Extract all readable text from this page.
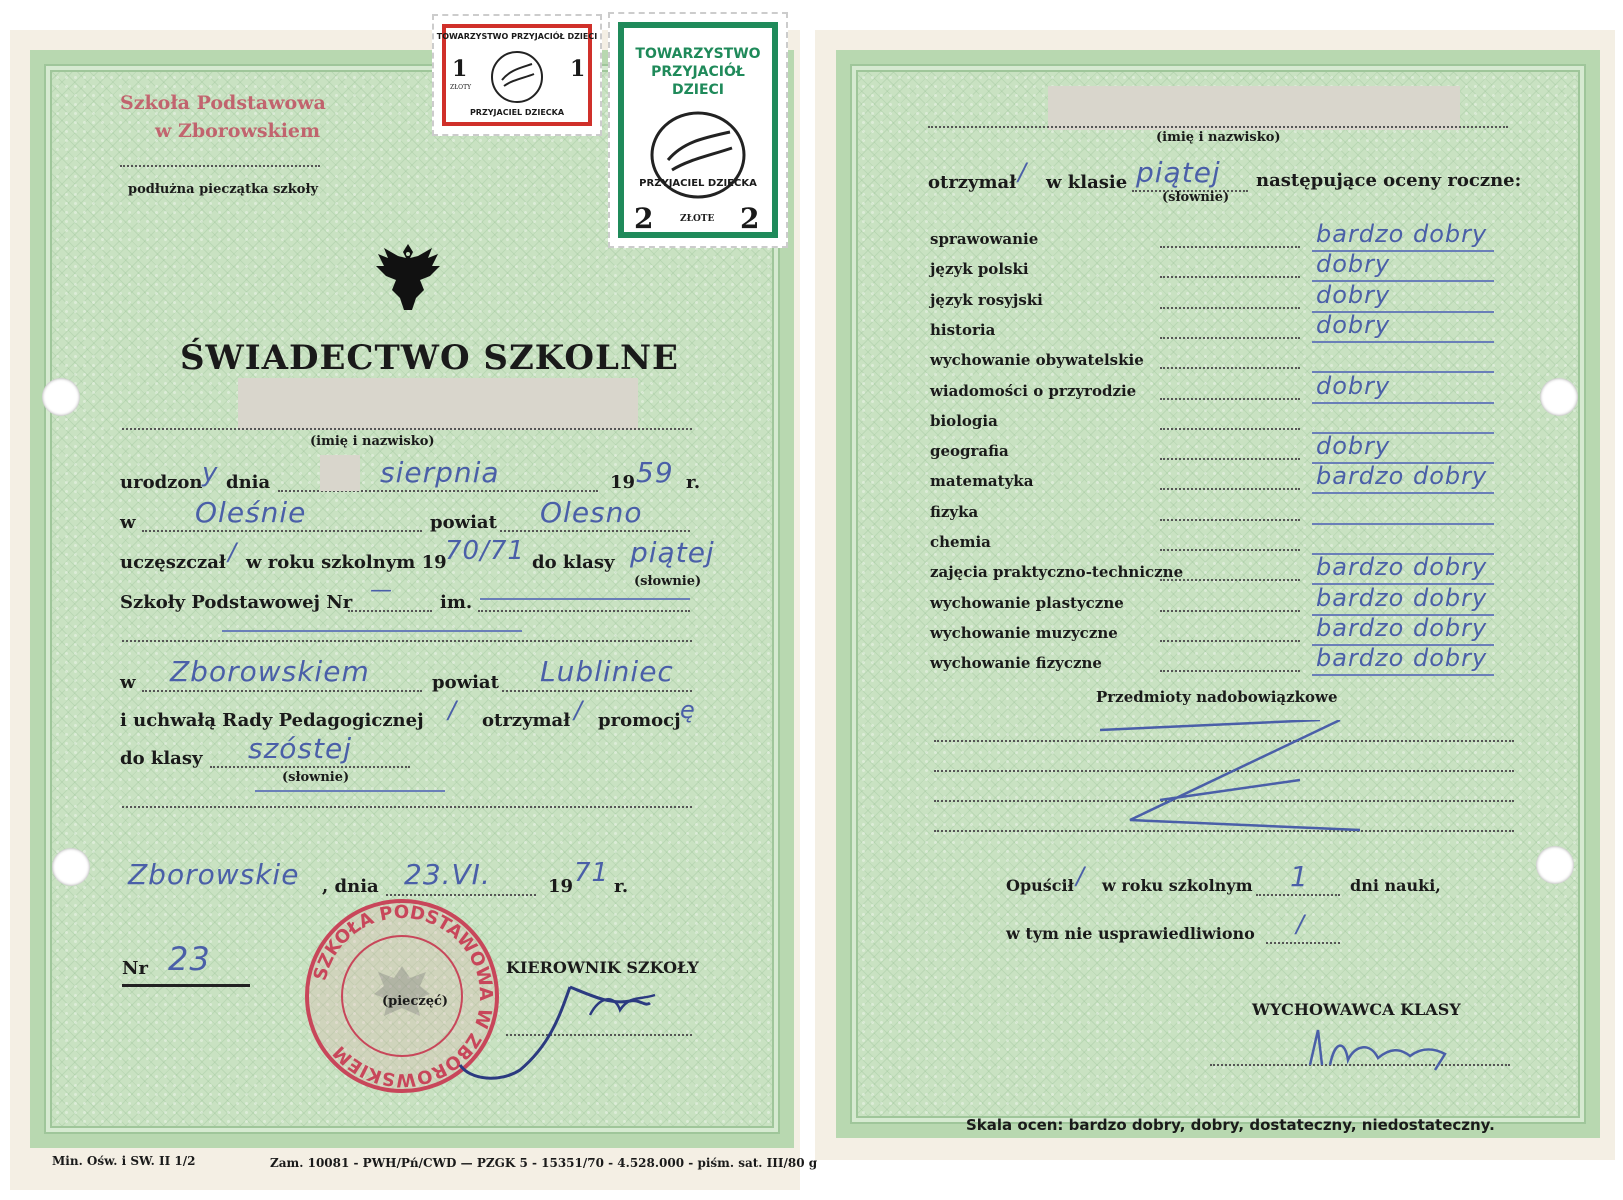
Szkoła Podstawowa
w Zborowskiem
podłużna pieczątka szkoły
ŚWIADECTWO SZKOLNE
(imię i nazwisko)
urodzon y dnia	sierpnia	19 59 r.
w Oleśnie	powiat Olesno
uczęszczał / w roku szkolnym 19
70/71 do klasy piątej
(słownie)
Szkoły Podstawowej Nr —	im.
w Zborowskiem	powiat Lubliniec
i uchwałą Rady Pedagogicznej / otrzymał / promocj ę
do klasy szóstej
(słownie)
Zborowskie , dnia 23.VI.	19 71 r.
Nr 23	SZKOŁA PODSTAWOWA W ZBOROWSKIEM
(pieczęć)
KIEROWNIK SZKOŁY
Min. Ośw. i SW. II 1/2	Zam. 10081 - PWH/Pń/CWD — PZGK 5 - 15351/70 - 4.528.000 - piśm. sat. III/80 g
TOWARZYSTWO PRZYJACIÓŁ DZIECI
1	1
ZŁOTY
PRZYJACIEL DZIECKA
TOWARZYSTWO
PRZYJACIÓŁ
DZIECI
PRZYJACIEL DZIECKA
2	ZŁOTE 2
(imię i nazwisko)
otrzymał / w klasie piątej
(słownie)
następujące oceny roczne:
sprawowanie	bardzo dobry
język polski	dobry
język rosyjski	dobry
historia	dobry
wychowanie obywatelskie
wiadomości o przyrodzie	dobry
biologia
geografia	dobry
matematyka	bardzo dobry
fizyka
chemia
zajęcia praktyczno-techniczne	bardzo dobry
wychowanie plastyczne	bardzo dobry
wychowanie muzyczne	bardzo dobry
wychowanie fizyczne	bardzo dobry
Przedmioty nadobowiązkowe
Opuścił / w roku szkolnym 1	dni nauki,
w tym nie usprawiedliwiono /
WYCHOWAWCA KLASY
Skala ocen: bardzo dobry, dobry, dostateczny, niedostateczny.
